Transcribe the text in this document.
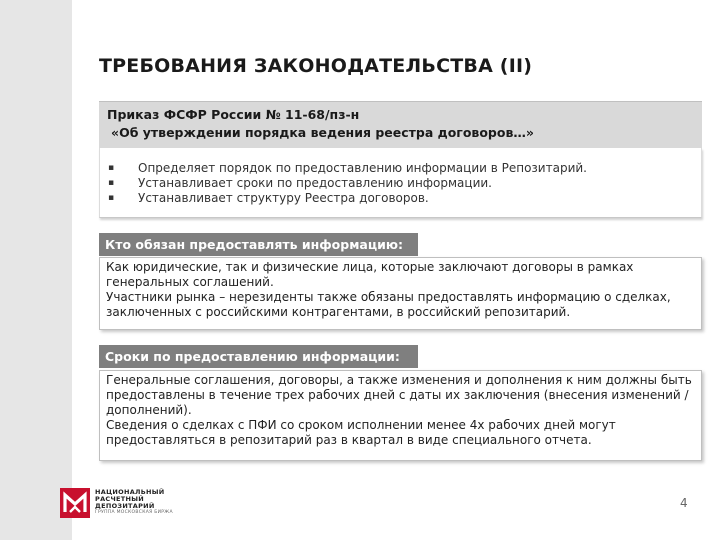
ТРЕБОВАНИЯ ЗАКОНОДАТЕЛЬСТВА (II)
Приказ ФСФР России № 11-68/пз-н
«Об утверждении порядка ведения реестра договоров…»
▪	Определяет порядок по предоставлению информации в Репозитарий.
▪	Устанавливает сроки по предоставлению информации.
▪	Устанавливает структуру Реестра договоров.
Кто обязан предоставлять информацию:

Как юридические, так и физические лица, которые заключают договоры в рамках генеральных соглашений.

Участники рынка – нерезиденты также обязаны предоставлять информацию о сделках, заключенных с российскими контрагентами, в российский репозитарий.

Сроки по предоставлению информации:

Генеральные соглашения, договоры, а также изменения и дополнения к ним должны быть предоставлены в течение трех рабочих дней с даты их заключения (внесения изменений / дополнений).

Сведения о сделках с ПФИ со сроком исполнении менее 4х рабочих дней могут предоставляться в репозитарий раз в квартал в виде специального отчета.

НАЦИОНАЛЬНЫЙ
РАСЧЕТНЫЙ
ДЕПОЗИТАРИЙ
ГРУППА МОСКОВСКАЯ БИРЖА
4
